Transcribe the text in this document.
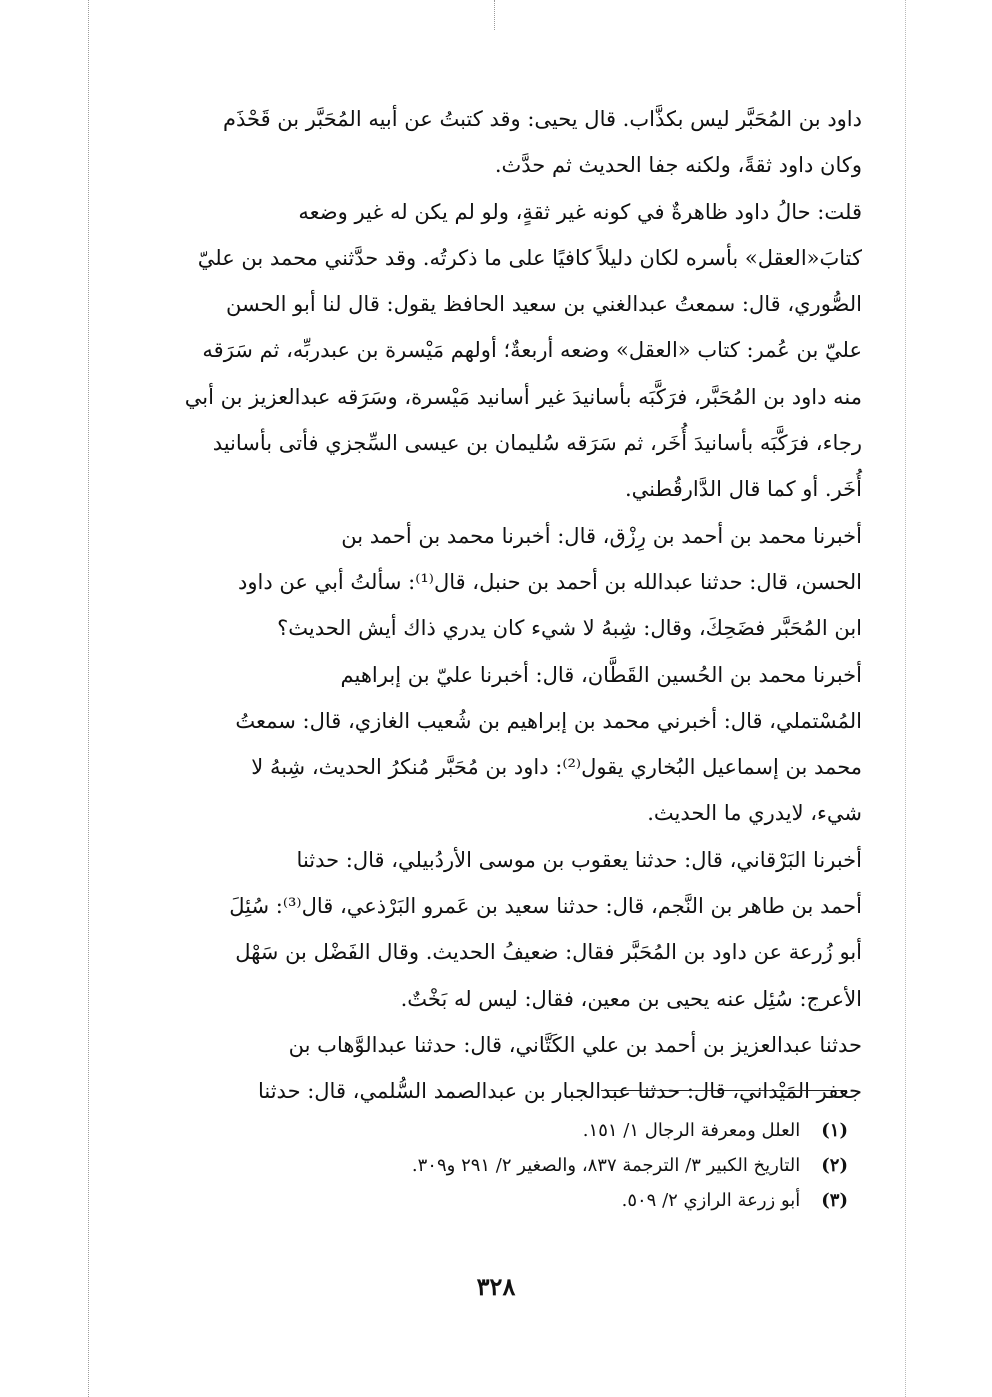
داود بن المُحَبَّر ليس بكذَّاب. قال يحيى: وقد كتبتُ عن أبيه المُحَبَّر بن قَحْذَم
وكان داود ثقةً، ولكنه جفا الحديث ثم حدَّث.

قلت: حالُ داود ظاهرةٌ في كونه غير ثقةٍ، ولو لم يكن له غير وضعه
كتابَ«العقل» بأسره لكان دليلاً كافيًا على ما ذكرتُه. وقد حدَّثني محمد بن عليّ
الصُّوري، قال: سمعتُ عبدالغني بن سعيد الحافظ يقول: قال لنا أبو الحسن
عليّ بن عُمر: كتاب «العقل» وضعه أربعةٌ؛ أولهم مَيْسرة بن عبدربِّه، ثم سَرَقه
منه داود بن المُحَبَّر، فرَكَّبَه بأسانيدَ غير أسانيد مَيْسرة، وسَرَقه عبدالعزيز بن أبي
رجاء، فرَكَّبَه بأسانيدَ أُخَر، ثم سَرَقه سُليمان بن عيسى السِّجزي فأتى بأسانيد
أُخَر. أو كما قال الدَّارقُطني.

أخبرنا محمد بن أحمد بن رِزْق، قال: أخبرنا محمد بن أحمد بن
الحسن، قال: حدثنا عبدالله بن أحمد بن حنبل، قال⁽¹⁾: سألتُ أبي عن داود
ابن المُحَبَّر فضَحِكَ، وقال: شِبهُ لا شيء كان يدري ذاك أيش الحديث؟

أخبرنا محمد بن الحُسين القَطَّان، قال: أخبرنا عليّ بن إبراهيم
المُسْتملي، قال: أخبرني محمد بن إبراهيم بن شُعيب الغازي، قال: سمعتُ
محمد بن إسماعيل البُخاري يقول⁽²⁾: داود بن مُحَبَّر مُنكرُ الحديث، شِبهُ لا
شيء، لايدري ما الحديث.

أخبرنا البَرْقاني، قال: حدثنا يعقوب بن موسى الأردُبيلي، قال: حدثنا
أحمد بن طاهر بن النَّجم، قال: حدثنا سعيد بن عَمرو البَرْذعي، قال⁽³⁾: سُئِلَ
أبو زُرعة عن داود بن المُحَبَّر فقال: ضعيفُ الحديث. وقال الفَضْل بن سَهْل
الأعرج: سُئِل عنه يحيى بن معين، فقال: ليس له بَخْتٌ.

حدثنا عبدالعزيز بن أحمد بن علي الكَتَّاني، قال: حدثنا عبدالوَّهاب بن
جعفر المَيْداني، قال: حدثنا عبدالجبار بن عبدالصمد السُّلمي، قال: حدثنا

(١) العلل ومعرفة الرجال ١/ ١٥١.
(٢) التاريخ الكبير ٣/ الترجمة ٨٣٧، والصغير ٢/ ٢٩١ و٣٠٩.
(٣) أبو زرعة الرازي ٢/ ٥٠٩.
٣٢٨
